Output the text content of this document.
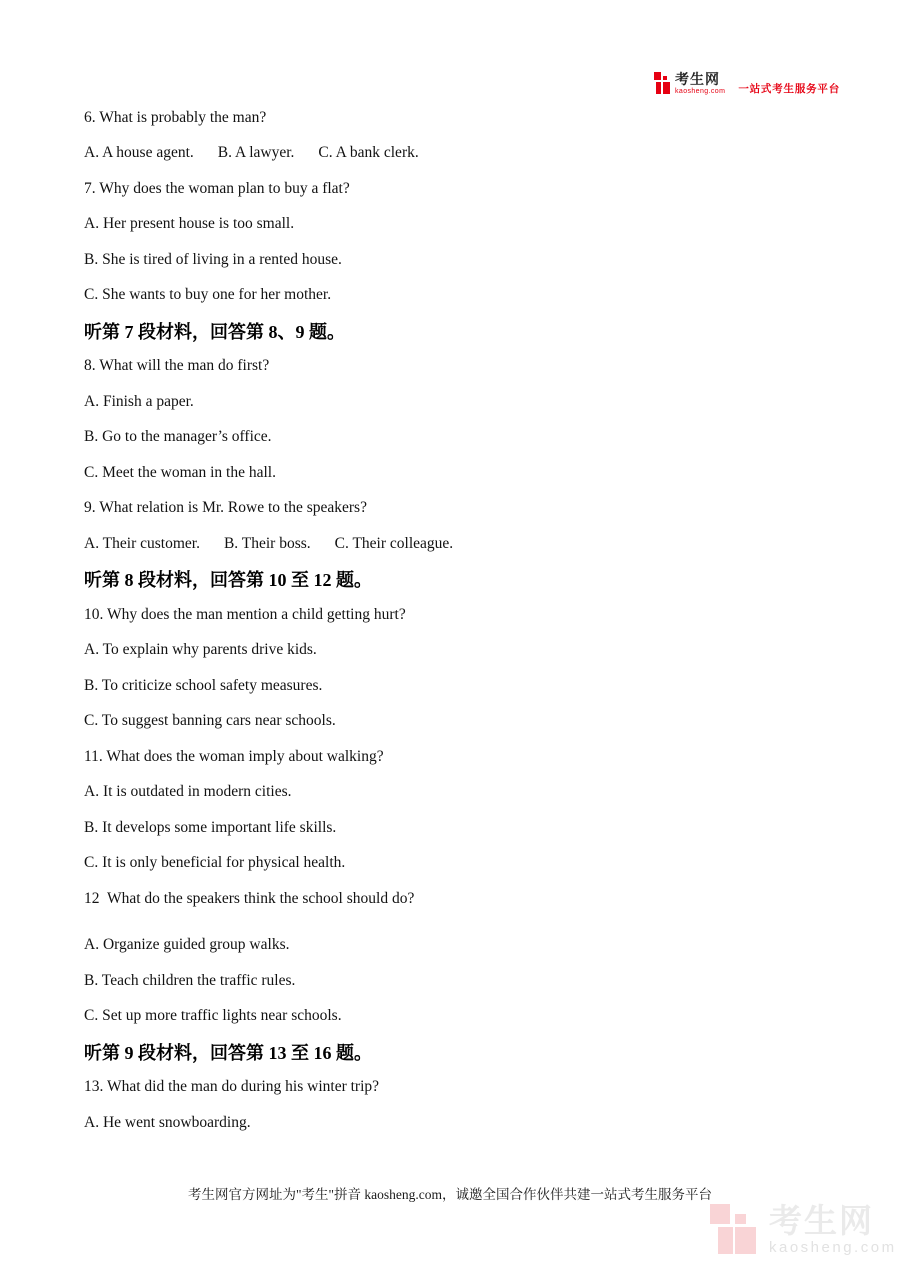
考生网
kaosheng.com 一站式考生服务平台
6. What is probably the man?
A. A house agent. B. A lawyer. C. A bank clerk.
7. Why does the woman plan to buy a flat?
A. Her present house is too small.
B. She is tired of living in a rented house.
C. She wants to buy one for her mother.
听第 7 段材料，回答第 8、9 题。
8. What will the man do first?
A. Finish a paper.
B. Go to the manager’s office.
C. Meet the woman in the hall.
9. What relation is Mr. Rowe to the speakers?
A. Their customer. B. Their boss. C. Their colleague.
听第 8 段材料，回答第 10 至 12 题。
10. Why does the man mention a child getting hurt?
A. To explain why parents drive kids.
B. To criticize school safety measures.
C. To suggest banning cars near schools.
11. What does the woman imply about walking?
A. It is outdated in modern cities.
B. It develops some important life skills.
C. It is only beneficial for physical health.
12  What do the speakers think the school should do?
A. Organize guided group walks.
B. Teach children the traffic rules.
C. Set up more traffic lights near schools.
听第 9 段材料，回答第 13 至 16 题。
13. What did the man do during his winter trip?
A. He went snowboarding.
考生网官方网址为"考生"拼音 kaosheng.com，诚邀全国合作伙伴共建一站式考生服务平台
考生网
kaosheng.com
